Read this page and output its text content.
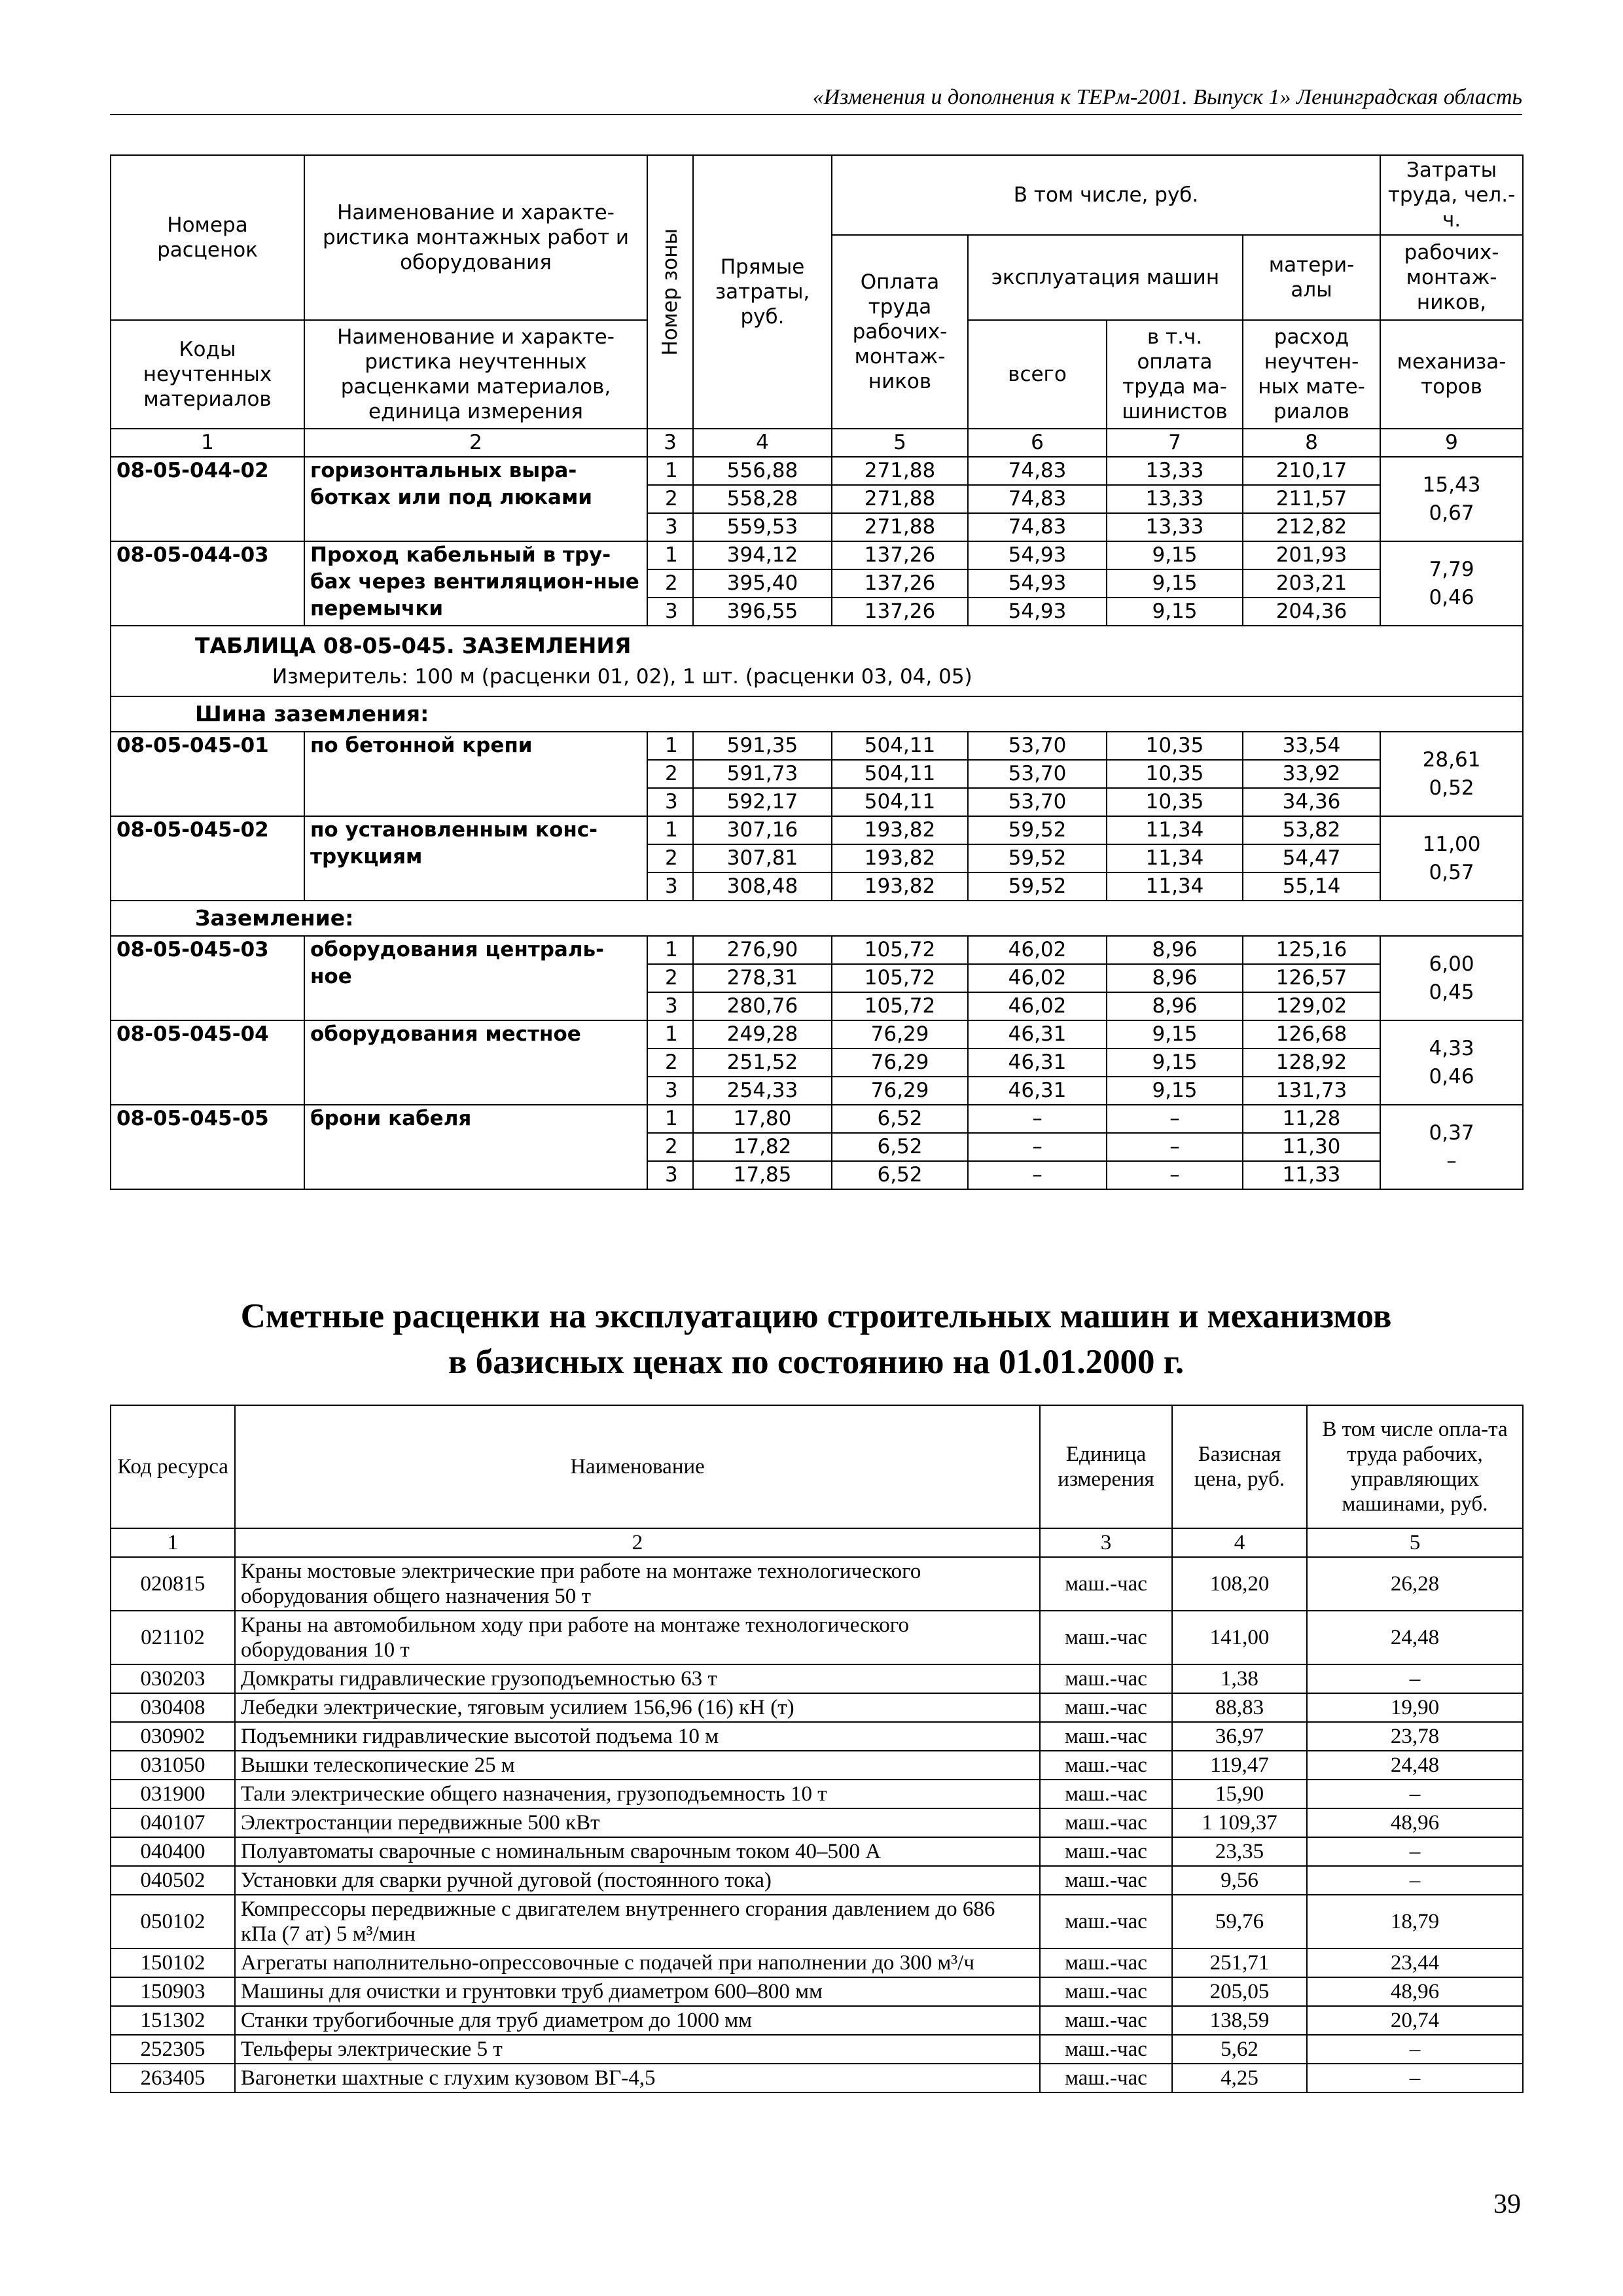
«Изменения и дополнения к ТЕРм-2001. Выпуск 1» Ленинградская область
Номера расценок	Наименование и характе-ристика монтажных работ и оборудования	Номер зоны	Прямые затраты, руб.	В том числе, руб.				Затраты труда, чел.-ч.
				Оплата труда рабочих-монтаж-ников	эксплуатация машин		матери-алы	рабочих-монтаж-ников,
Коды неучтенных материалов	Наименование и характе-ристика неучтенных расценками материалов, единица измерения				всего	в т.ч. оплата труда ма-шинистов	расход неучтен-ных мате-риалов	механиза-торов

1	2	3	4	5	6	7	8	9
08-05-044-02	горизонтальных выра-ботках или под люками	1	556,88	271,88	74,83	13,33	210,17	15,43
0,67

		2	558,28	271,88	74,83	13,33	211,57	
		3	559,53	271,88	74,83	13,33	212,82	
08-05-044-03	Проход кабельный в тру-бах через вентиляцион-ные перемычки	1	394,12	137,26	54,93	9,15	201,93	7,79
0,46

		2	395,40	137,26	54,93	9,15	203,21	
		3	396,55	137,26	54,93	9,15	204,36	

ТАБЛИЦА 08-05-045. ЗАЗЕМЛЕНИЯ
Измеритель: 100 м (расценки 01, 02), 1 шт. (расценки 03, 04, 05)								

Шина заземления:								
08-05-045-01	по бетонной крепи	1	591,35	504,11	53,70	10,35	33,54	28,61
0,52

		2	591,73	504,11	53,70	10,35	33,92	
		3	592,17	504,11	53,70	10,35	34,36	
08-05-045-02	по установленным конс-трукциям	1	307,16	193,82	59,52	11,34	53,82	11,00
0,57

		2	307,81	193,82	59,52	11,34	54,47	
		3	308,48	193,82	59,52	11,34	55,14	
Заземление:								
08-05-045-03	оборудования централь-ное	1	276,90	105,72	46,02	8,96	125,16	6,00
0,45

		2	278,31	105,72	46,02	8,96	126,57	
		3	280,76	105,72	46,02	8,96	129,02	
08-05-045-04	оборудования местное	1	249,28	76,29	46,31	9,15	126,68	4,33
0,46

		2	251,52	76,29	46,31	9,15	128,92	
		3	254,33	76,29	46,31	9,15	131,73	
08-05-045-05	брони кабеля	1	17,80	6,52	–	–	11,28	0,37
–

		2	17,82	6,52	–	–	11,30	
		3	17,85	6,52	–	–	11,33	
Сметные расценки на эксплуатацию строительных машин и механизмов
в базисных ценах по состоянию на 01.01.2000 г.
Код ресурса	Наименование	Единица измерения	Базисная цена, руб.	В том числе опла-та труда рабочих, управляющих машинами, руб.
1	2	3	4	5
020815	Краны мостовые электрические при работе на монтаже технологического оборудования общего назначения 50 т	маш.-час	108,20	26,28
021102	Краны на автомобильном ходу при работе на монтаже технологического оборудования 10 т	маш.-час	141,00	24,48
030203	Домкраты гидравлические грузоподъемностью 63 т	маш.-час	1,38	–
030408	Лебедки электрические, тяговым усилием 156,96 (16) кН (т)	маш.-час	88,83	19,90
030902	Подъемники гидравлические высотой подъема 10 м	маш.-час	36,97	23,78
031050	Вышки телескопические 25 м	маш.-час	119,47	24,48
031900	Тали электрические общего назначения, грузоподъемность 10 т	маш.-час	15,90	–
040107	Электростанции передвижные 500 кВт	маш.-час	1 109,37	48,96
040400	Полуавтоматы сварочные с номинальным сварочным током 40–500 А	маш.-час	23,35	–
040502	Установки для сварки ручной дуговой (постоянного тока)	маш.-час	9,56	–
050102	Компрессоры передвижные с двигателем внутреннего сгорания давлением до 686 кПа (7 ат) 5 м³/мин	маш.-час	59,76	18,79
150102	Агрегаты наполнительно-опрессовочные с подачей при наполнении до 300 м³/ч	маш.-час	251,71	23,44
150903	Машины для очистки и грунтовки труб диаметром 600–800 мм	маш.-час	205,05	48,96
151302	Станки трубогибочные для труб диаметром до 1000 мм	маш.-час	138,59	20,74
252305	Тельферы электрические 5 т	маш.-час	5,62	–
263405	Вагонетки шахтные с глухим кузовом ВГ-4,5	маш.-час	4,25	–
39
